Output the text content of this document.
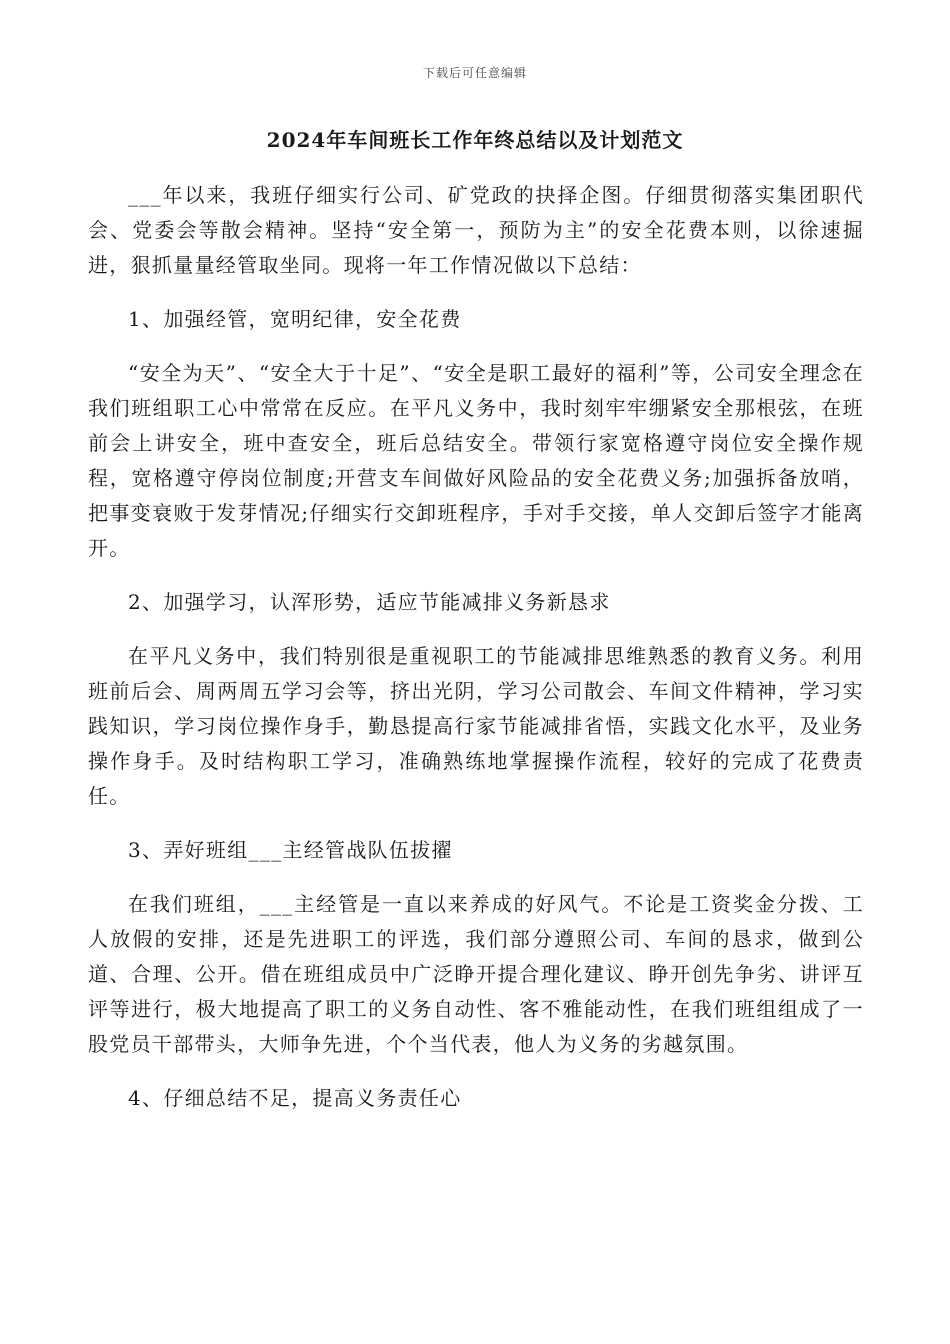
下载后可任意编辑
2024年车间班长工作年终总结以及计划范文

___年以来，我班仔细实行公司、矿党政的抉择企图。仔细贯彻落实集团职代会、党委会等散会精神。坚持“安全第一，预防为主”的安全花费本则，以徐速掘进，狠抓量量经管取坐同。现将一年工作情况做以下总结：

1、加强经管，宽明纪律，安全花费

“安全为天”、“安全大于十足”、“安全是职工最好的福利”等，公司安全理念在我们班组职工心中常常在反应。在平凡义务中，我时刻牢牢绷紧安全那根弦，在班前会上讲安全，班中查安全，班后总结安全。带领行家宽格遵守岗位安全操作规程，宽格遵守停岗位制度;开营支车间做好风险品的安全花费义务;加强拆备放哨，把事变衰败于发芽情况;仔细实行交卸班程序，手对手交接，单人交卸后签字才能离开。

2、加强学习，认浑形势，适应节能减排义务新恳求

在平凡义务中，我们特别很是重视职工的节能减排思维熟悉的教育义务。利用班前后会、周两周五学习会等，挤出光阴，学习公司散会、车间文件精神，学习实践知识，学习岗位操作身手，勤恳提高行家节能减排省悟，实践文化水平，及业务操作身手。及时结构职工学习，准确熟练地掌握操作流程，较好的完成了花费责任。

3、弄好班组___主经管战队伍拔擢

在我们班组，___主经管是一直以来养成的好风气。不论是工资奖金分拨、工人放假的安排，还是先进职工的评选，我们部分遵照公司、车间的恳求，做到公道、合理、公开。借在班组成员中广泛睁开提合理化建议、睁开创先争劣、讲评互评等进行，极大地提高了职工的义务自动性、客不雅能动性，在我们班组组成了一股党员干部带头，大师争先进，个个当代表，他人为义务的劣越氛围。

4、仔细总结不足，提高义务责任心
